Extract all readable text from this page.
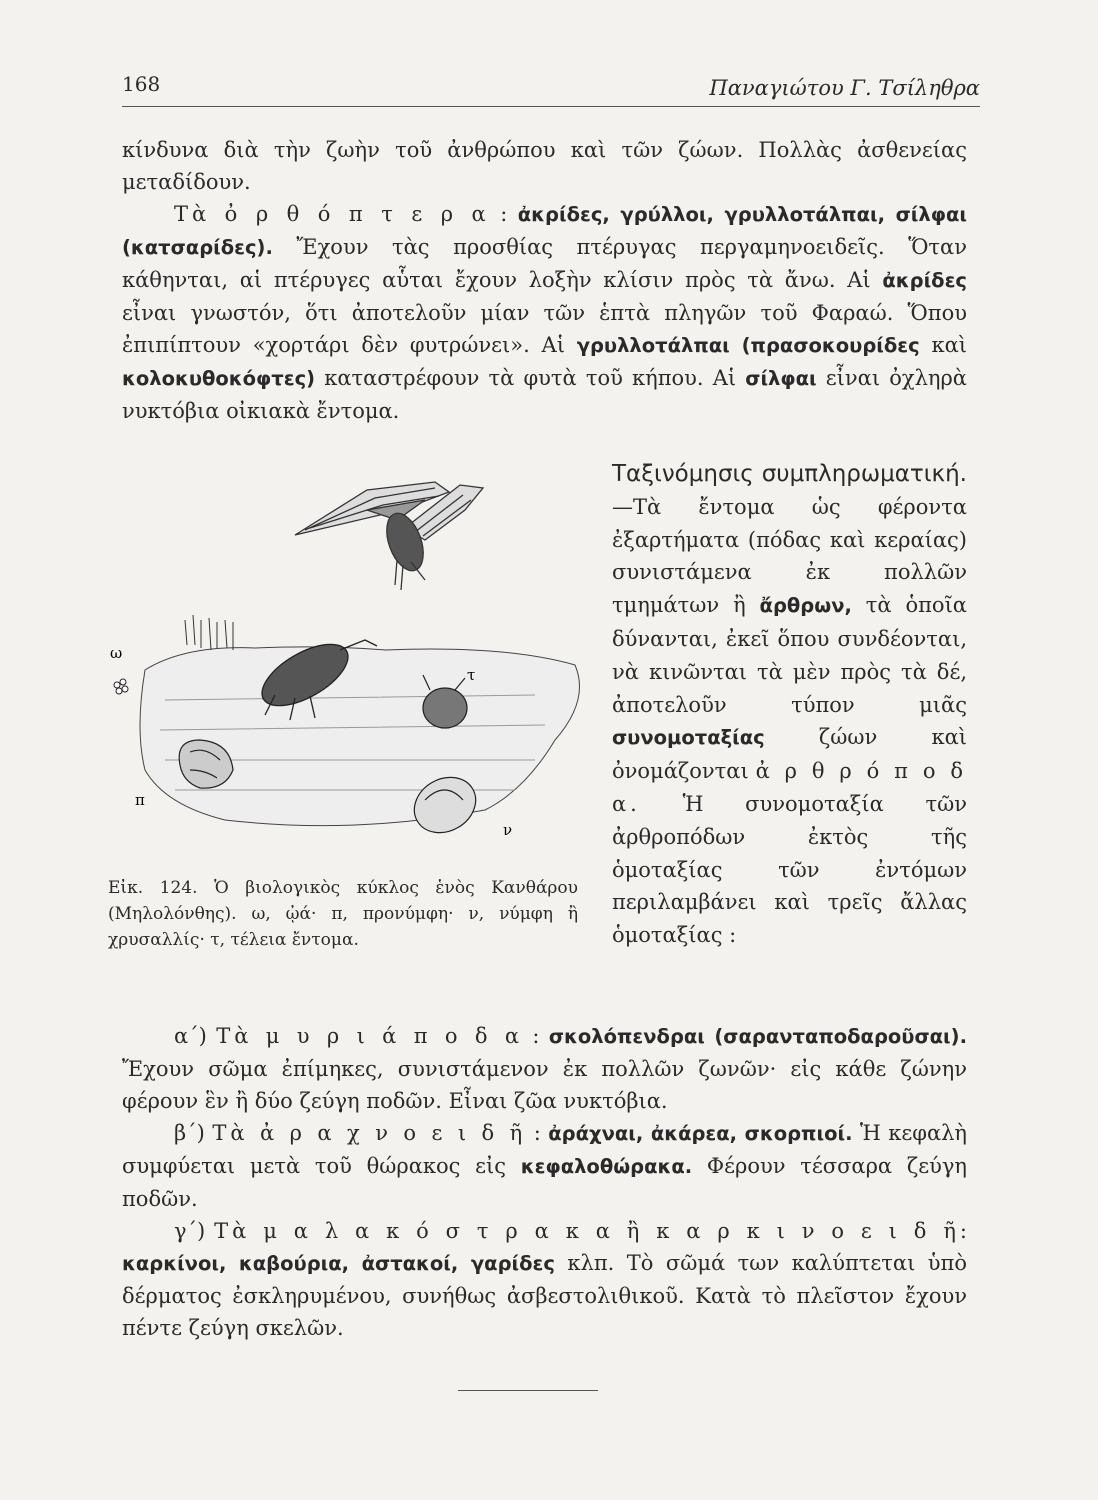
168	Παναγιώτου Γ. Τσίληθρα

κίνδυνα διὰ τὴν ζωὴν τοῦ ἀνθρώπου καὶ τῶν ζώων. Πολλὰς ἀσθενείας μεταδίδουν.

Τὰ ὀ ρ θ ό π τ ε ρ α : ἀκρίδες, γρύλλοι, γρυλλοτάλπαι, σίλφαι (κατσαρίδες). Ἔχουν τὰς προσθίας πτέρυγας περγαμηνοειδεῖς. Ὅταν κάθηνται, αἱ πτέρυγες αὗται ἔχουν λοξὴν κλίσιν πρὸς τὰ ἄνω. Αἱ ἀκρίδες εἶναι γνωστόν, ὅτι ἀποτελοῦν μίαν τῶν ἑπτὰ πληγῶν τοῦ Φαραώ. Ὅπου ἐπιπίπτουν «χορτάρι δὲν φυτρώνει». Αἱ γρυλλοτάλπαι (πρασοκουρίδες καὶ κολοκυθοκόφτες) καταστρέφουν τὰ φυτὰ τοῦ κήπου. Αἱ σίλφαι εἶναι ὀχληρὰ νυκτόβια οἰκιακὰ ἔντομα.

ω
π
ν
τ
Εἰκ. 124. Ὁ βιολογικὸς κύκλος ἑνὸς Κανθάρου (Μηλολόνθης). ω, ᾠά· π, προνύμφη· ν, νύμφη ἢ χρυσαλλίς· τ, τέλεια ἔντομα.
Ταξινόμησις συμπληρωματική.—Τὰ ἔντομα ὡς φέροντα ἐξαρτήματα (πόδας καὶ κεραίας) συνιστάμενα ἐκ πολλῶν τμημάτων ἢ ἄρθρων, τὰ ὁποῖα δύνανται, ἐκεῖ ὅπου συνδέονται, νὰ κινῶνται τὰ μὲν πρὸς τὰ δέ, ἀποτελοῦν τύπον μιᾶς συνομοταξίας ζώων καὶ ὀνομάζονται ἀ ρ θ ρ ό π ο δ α. Ἡ συνομοταξία τῶν ἀρθροπόδων ἐκτὸς τῆς ὁμοταξίας τῶν ἐντόμων περιλαμβάνει καὶ τρεῖς ἄλλας ὁμοταξίας :

α΄) Τὰ μ υ ρ ι ά π ο δ α : σκολόπενδραι (σαρανταποδαροῦσαι). Ἔχουν σῶμα ἐπίμηκες, συνιστάμενον ἐκ πολλῶν ζωνῶν· εἰς κάθε ζώνην φέρουν ἓν ἢ δύο ζεύγη ποδῶν. Εἶναι ζῶα νυκτόβια.

β΄) Τὰ ἀ ρ α χ ν ο ε ι δ ῆ : ἀράχναι, ἀκάρεα, σκορπιοί. Ἡ κεφαλὴ συμφύεται μετὰ τοῦ θώρακος εἰς κεφαλοθώρακα. Φέρουν τέσσαρα ζεύγη ποδῶν.

γ΄) Τὰ μ α λ α κ ό σ τ ρ α κ α ἢ κ α ρ κ ι ν ο ε ι δ ῆ: καρκίνοι, καβούρια, ἀστακοί, γαρίδες κλπ. Τὸ σῶμά των καλύπτεται ὑπὸ δέρματος ἐσκληρυμένου, συνήθως ἀσβεστολιθικοῦ. Κατὰ τὸ πλεῖστον ἔχουν πέντε ζεύγη σκελῶν.
